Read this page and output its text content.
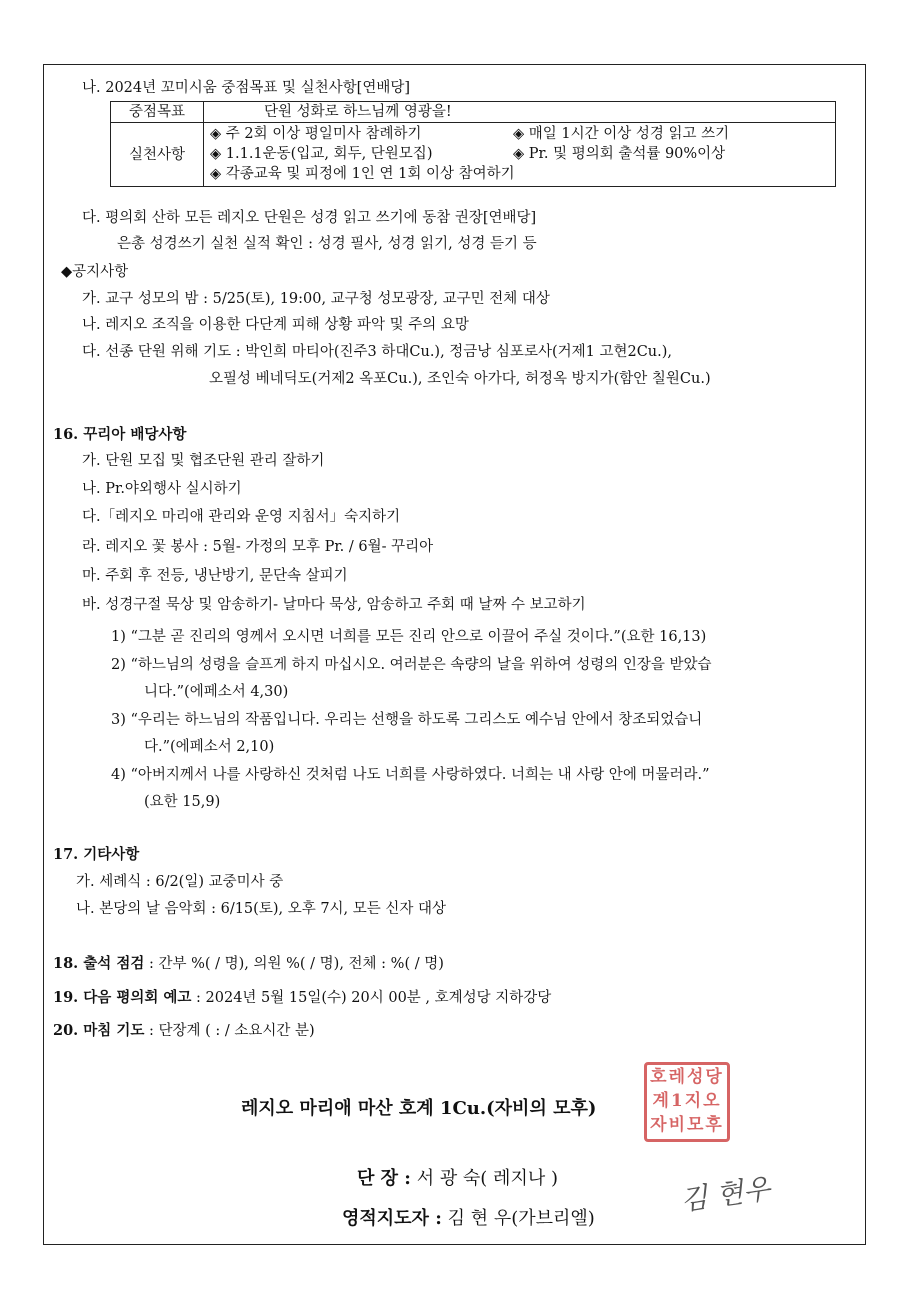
나. 2024년 꼬미시움 중점목표 및 실천사항[연배당]
중점목표	단원 성화로 하느님께 영광을!
실천사항	◈ 주 2회 이상 평일미사 참례하기 ◈ 매일 1시간 이상 성경 읽고 쓰기
◈ 1.1.1운동(입교, 회두, 단원모집) ◈ Pr. 및 평의회 출석률 90%이상
◈ 각종교육 및 피정에 1인 연 1회 이상 참여하기
다. 평의회 산하 모든 레지오 단원은 성경 읽고 쓰기에 동참 권장[연배당]
은총 성경쓰기 실천 실적 확인 : 성경 필사, 성경 읽기, 성경 듣기 등
◆공지사항
가. 교구 성모의 밤 : 5/25(토), 19:00, 교구청 성모광장, 교구민 전체 대상
나. 레지오 조직을 이용한 다단계 피해 상황 파악 및 주의 요망
다. 선종 단원 위해 기도 : 박인희 마티아(진주3 하대Cu.), 정금낭 심포로사(거제1 고현2Cu.),
오필성 베네딕도(거제2 옥포Cu.), 조인숙 아가다, 허정옥 방지가(함안 칠원Cu.)
16. 꾸리아 배당사항
가. 단원 모집 및 협조단원 관리 잘하기
나. Pr.야외행사 실시하기
다.「레지오 마리애 관리와 운영 지침서」숙지하기
라. 레지오 꽃 봉사 : 5월- 가정의 모후 Pr. / 6월- 꾸리아
마. 주회 후 전등, 냉난방기, 문단속 살피기
바. 성경구절 묵상 및 암송하기- 날마다 묵상, 암송하고 주회 때 날짜 수 보고하기
1) “그분 곧 진리의 영께서 오시면 너희를 모든 진리 안으로 이끌어 주실 것이다.”(요한 16,13)
2) “하느님의 성령을 슬프게 하지 마십시오. 여러분은 속량의 날을 위하여 성령의 인장을 받았습
니다.”(에페소서 4,30)
3) “우리는 하느님의 작품입니다. 우리는 선행을 하도록 그리스도 예수님 안에서 창조되었습니
다.”(에페소서 2,10)
4) “아버지께서 나를 사랑하신 것처럼 나도 너희를 사랑하였다. 너희는 내 사랑 안에 머물러라.”
(요한 15,9)
17. 기타사항
가. 세례식 : 6/2(일) 교중미사 중
나. 본당의 날 음악회 : 6/15(토), 오후 7시, 모든 신자 대상
18. 출석 점검 : 간부 %( / 명), 의원 %( / 명), 전체 : %( / 명)
19. 다음 평의회 예고 : 2024년 5월 15일(수) 20시 00분 , 호계성당 지하강당
20. 마침 기도 : 단장계 ( : / 소요시간 분)
호레성당
계1지오
자비모후
레지오 마리애 마산 호계 1Cu.(자비의 모후)
단 장 : 서 광 숙( 레지나 )
영적지도자 : 김 현 우(가브리엘)
김 현우
